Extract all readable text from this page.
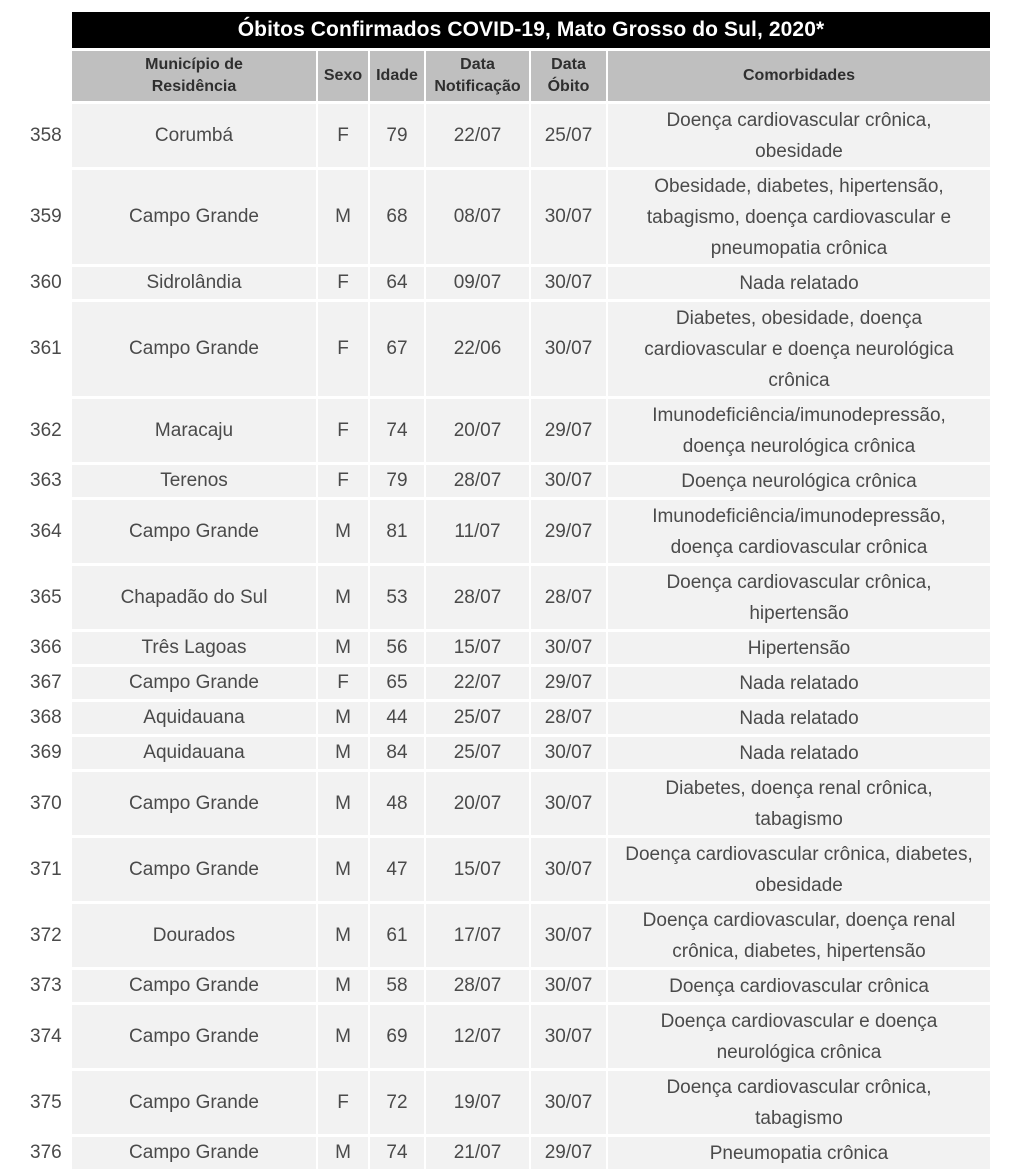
	Óbitos Confirmados COVID-19, Mato Grosso do Sul, 2020*					
	Município de Residência	Sexo	Idade	Data Notificação	Data Óbito	Comorbidades
358	Corumbá	F	79	22/07	25/07	Doença cardiovascular crônica, obesidade
359	Campo Grande	M	68	08/07	30/07	Obesidade, diabetes, hipertensão, tabagismo, doença cardiovascular e pneumopatia crônica
360	Sidrolândia	F	64	09/07	30/07	Nada relatado
361	Campo Grande	F	67	22/06	30/07	Diabetes, obesidade, doença cardiovascular e doença neurológica crônica
362	Maracaju	F	74	20/07	29/07	Imunodeficiência/imunodepressão, doença neurológica crônica
363	Terenos	F	79	28/07	30/07	Doença neurológica crônica
364	Campo Grande	M	81	11/07	29/07	Imunodeficiência/imunodepressão, doença cardiovascular crônica
365	Chapadão do Sul	M	53	28/07	28/07	Doença cardiovascular crônica, hipertensão
366	Três Lagoas	M	56	15/07	30/07	Hipertensão
367	Campo Grande	F	65	22/07	29/07	Nada relatado
368	Aquidauana	M	44	25/07	28/07	Nada relatado
369	Aquidauana	M	84	25/07	30/07	Nada relatado
370	Campo Grande	M	48	20/07	30/07	Diabetes, doença renal crônica, tabagismo
371	Campo Grande	M	47	15/07	30/07	Doença cardiovascular crônica, diabetes, obesidade
372	Dourados	M	61	17/07	30/07	Doença cardiovascular, doença renal crônica, diabetes, hipertensão
373	Campo Grande	M	58	28/07	30/07	Doença cardiovascular crônica
374	Campo Grande	M	69	12/07	30/07	Doença cardiovascular e doença neurológica crônica
375	Campo Grande	F	72	19/07	30/07	Doença cardiovascular crônica, tabagismo
376	Campo Grande	M	74	21/07	29/07	Pneumopatia crônica
